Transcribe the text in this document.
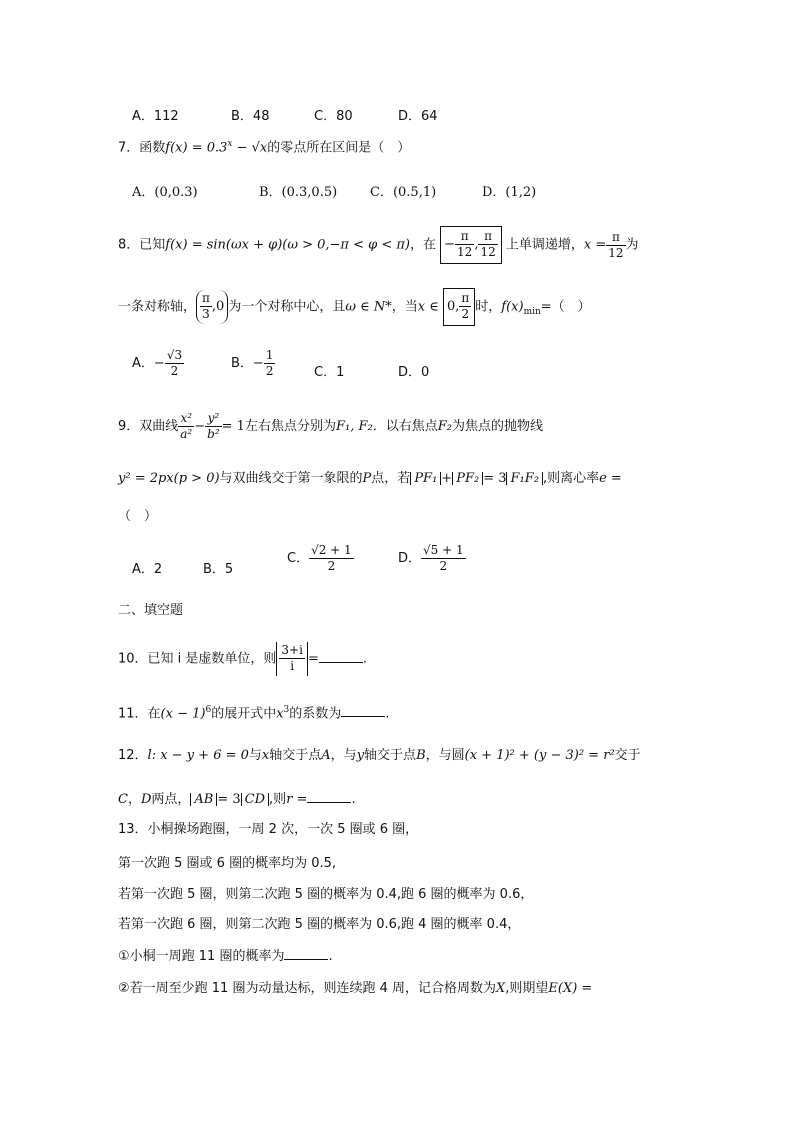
A．112	B．48	C．80	D．64
7．函数$f(x) = 0.3^x - √x$的零点所在区间是（　）
A．(0,0.3)	B．(0.3,0.5)	C．(0.5,1)	D．(1,2)
8．已知f(x) = sin(ωx + φ)(ω > 0,−π < φ < π)，在 − $\frac{\pi}{12}$ , $\frac{\pi}{12}$ 上单调递增，$x = \frac{\pi}{12}$ 为
一条对称轴， $\frac{\pi}{3} ,0$ 为一个对称中心，且ω ∈ N*，当x ∈ 0, $\frac{\pi}{2}$ 时，$f(x)_{min}=$（　）
A．− $\frac{√3}{2}$	B．− $\frac{1}{2}$	C．1	D．0
9．双曲线 $\frac{\text{x²}}{\text{a²}} - \frac{\text{y²}}{\text{b²}} = 1$左右焦点分别为F₁, F₂．以右焦点F₂为焦点的抛物线
y² = 2px(p > 0)与双曲线交于第一象限的P点，若 PF₁ + PF₂ = 3 F₁F₂ ,则离心率e =
（　）
A．2	B．5
C． $\frac{√2 + 1}{2}$	D． $\frac{√5 + 1}{2}$
二、填空题
10．已知 i 是虚数单位，则 $\frac{3+i}{i}$ =	.
11．在$(x - 1)^6$的展开式中$x^3$的系数为	.
12．l: x − y + 6 = 0与x轴交于点A，与y轴交于点B，与圆(x + 1)² + (y − 3)² = r²交于
C，D两点， AB = 3 CD ,则r =	.
13．小桐操场跑圈，一周 2 次，一次 5 圈或 6 圈，
第一次跑 5 圈或 6 圈的概率均为 0.5,
若第一次跑 5 圈，则第二次跑 5 圈的概率为 0.4,跑 6 圈的概率为 0.6，
若第一次跑 6 圈，则第二次跑 5 圈的概率为 0.6,跑 4 圈的概率 0.4，
①小桐一周跑 11 圈的概率为	.
②若一周至少跑 11 圈为动量达标，则连续跑 4 周，记合格周数为X,则期望E(X) =
